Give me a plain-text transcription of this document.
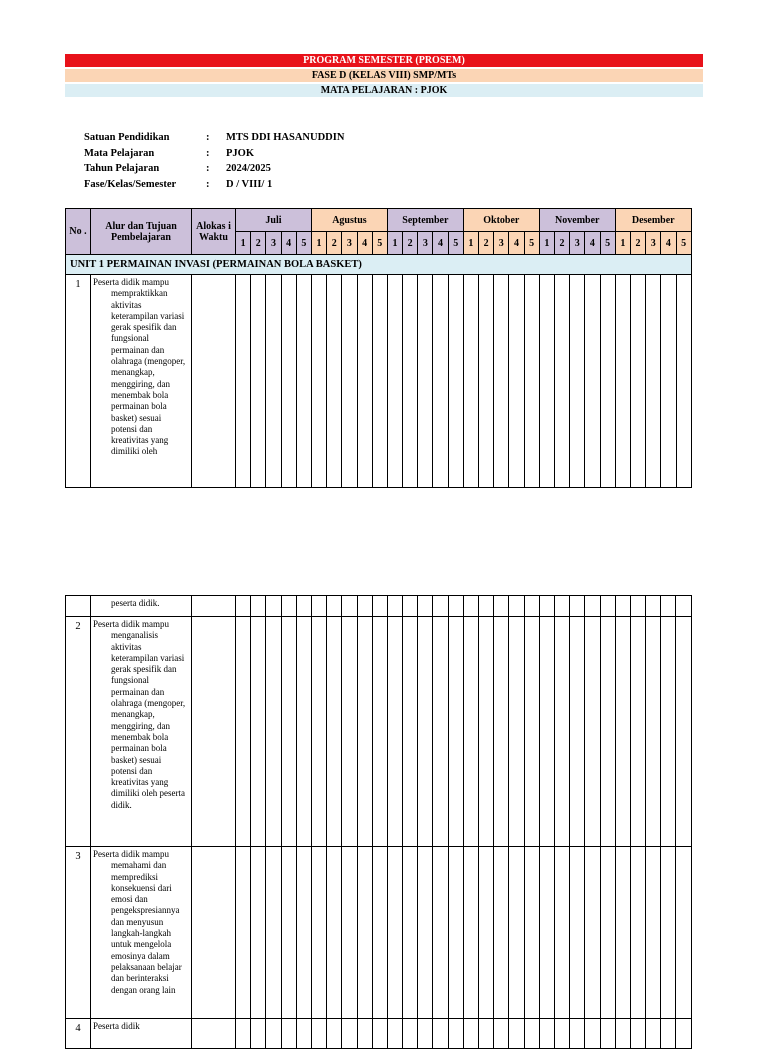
PROGRAM SEMESTER (PROSEM)
FASE D (KELAS VIII) SMP/MTs
MATA PELAJARAN : PJOK
Satuan Pendidikan	: MTS DDI HASANUDDIN
Mata Pelajaran	: PJOK
Tahun Pelajaran	: 2024/2025
Fase/Kelas/Semester	: D / VIII/ 1
No .	Alur dan Tujuan Pembelajaran	Alokas i Waktu	Juli					Agustus					September					Oktober					November					Desember				
			1	2	3	4	5	1	2	3	4	5	1	2	3	4	5	1	2	3	4	5	1	2	3	4	5	1	2	3	4	5
UNIT 1 PERMAINAN INVASI (PERMAINAN BOLA BASKET)																																
1	Peserta didik mampu
mempraktikkan aktivitas keterampilan variasi gerak spesifik dan fungsional permainan dan olahraga (mengoper, menangkap, menggiring, dan menembak bola permainan bola basket) sesuai potensi dan kreativitas yang dimiliki oleh																															

	peserta didik.																															

2	Peserta didik mampu
menganalisis aktivitas keterampilan variasi gerak spesifik dan fungsional permainan dan olahraga (mengoper, menangkap, menggiring, dan menembak bola permainan bola basket) sesuai potensi dan kreativitas yang dimiliki oleh peserta didik.																															

3	Peserta didik mampu
memahami dan memprediksi konsekuensi dari emosi dan pengekspresiannya dan menyusun langkah-langkah untuk mengelola emosinya dalam pelaksanaan belajar dan berinteraksi dengan orang lain																															

4	Peserta didik																															
